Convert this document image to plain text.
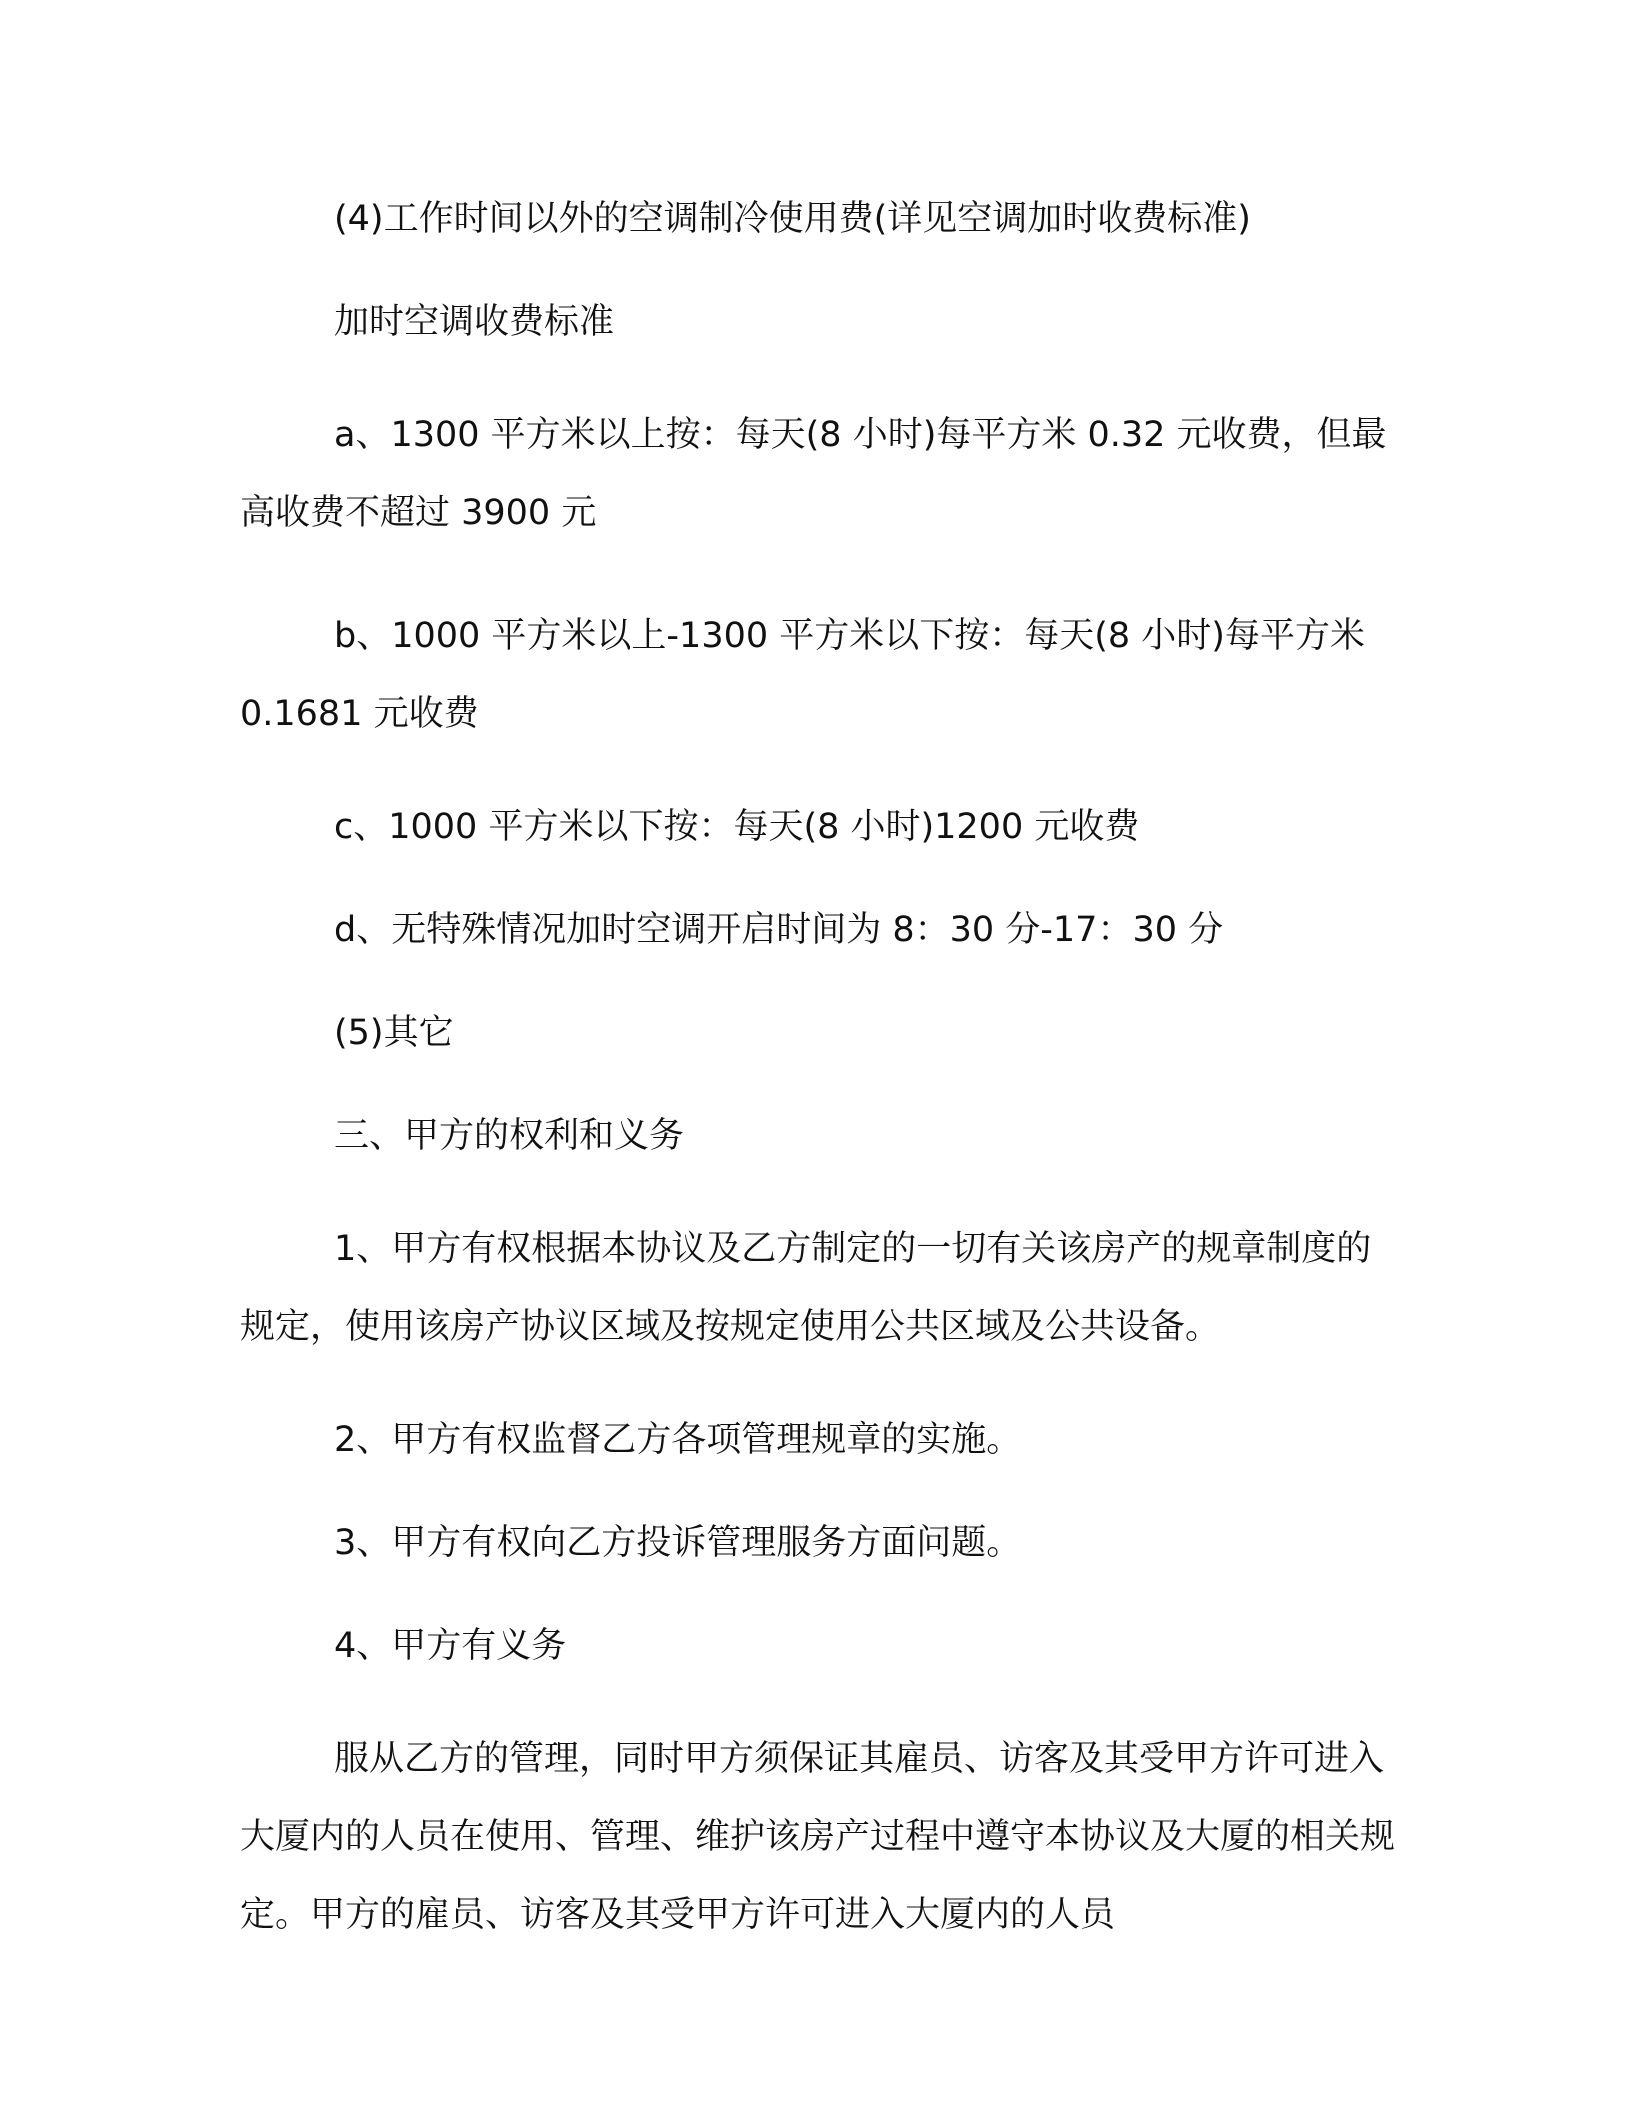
(4)工作时间以外的空调制冷使用费(详见空调加时收费标准)

加时空调收费标准

a、1300 平方米以上按：每天(8 小时)每平方米 0.32 元收费，但最高收费不超过 3900 元

b、1000 平方米以上-1300 平方米以下按：每天(8 小时)每平方米 0.1681 元收费

c、1000 平方米以下按：每天(8 小时)1200 元收费

d、无特殊情况加时空调开启时间为 8：30 分-17：30 分

(5)其它

三、甲方的权利和义务

1、甲方有权根据本协议及乙方制定的一切有关该房产的规章制度的规定，使用该房产协议区域及按规定使用公共区域及公共设备。

2、甲方有权监督乙方各项管理规章的实施。

3、甲方有权向乙方投诉管理服务方面问题。

4、甲方有义务

服从乙方的管理，同时甲方须保证其雇员、访客及其受甲方许可进入大厦内的人员在使用、管理、维护该房产过程中遵守本协议及大厦的相关规定。甲方的雇员、访客及其受甲方许可进入大厦内的人员
